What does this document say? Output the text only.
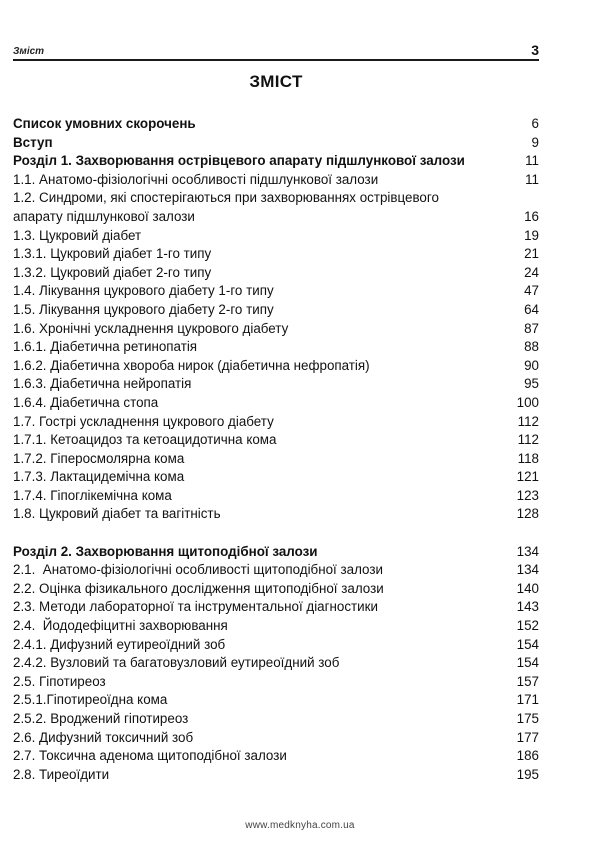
Зміст	3
ЗМІСТ
Список умовних скорочень	6
Вступ	9
Розділ 1. Захворювання острівцевого апарату підшлункової залози	11
1.1. Анатомо-фізіологічні особливості підшлункової залози	11
1.2. Синдроми, які спостерігаються при захворюваннях острівцевого
апарату підшлункової залози	16
1.3. Цукровий діабет	19
1.3.1. Цукровий діабет 1-го типу	21
1.3.2. Цукровий діабет 2-го типу	24
1.4. Лікування цукрового діабету 1-го типу	47
1.5. Лікування цукрового діабету 2-го типу	64
1.6. Хронічні ускладнення цукрового діабету	87
1.6.1. Діабетична ретинопатія	88
1.6.2. Діабетична хвороба нирок (діабетична нефропатія)	90
1.6.3. Діабетична нейропатія	95
1.6.4. Діабетична стопа	100
1.7. Гострі ускладнення цукрового діабету	112
1.7.1. Кетоацидоз та кетоацидотична кома	112
1.7.2. Гіперосмолярна кома	118
1.7.3. Лактацидемічна кома	121
1.7.4. Гіпоглікемічна кома	123
1.8. Цукровий діабет та вагітність	128
Розділ 2. Захворювання щитоподібної залози	134
2.1.  Анатомо-фізіологічні особливості щитоподібної залози	134
2.2. Оцінка фізикального дослідження щитоподібної залози	140
2.3. Методи лабораторної та інструментальної діагностики	143
2.4.  Йододефіцитні захворювання	152
2.4.1. Дифузний еутиреоїдний зоб	154
2.4.2. Вузловий та багатовузловий еутиреоїдний зоб	154
2.5. Гіпотиреоз	157
2.5.1.Гіпотиреоїдна кома	171
2.5.2. Вроджений гіпотиреоз	175
2.6. Дифузний токсичний зоб	177
2.7. Токсична аденома щитоподібної залози	186
2.8. Тиреоїдити	195
www.medknyha.com.ua
